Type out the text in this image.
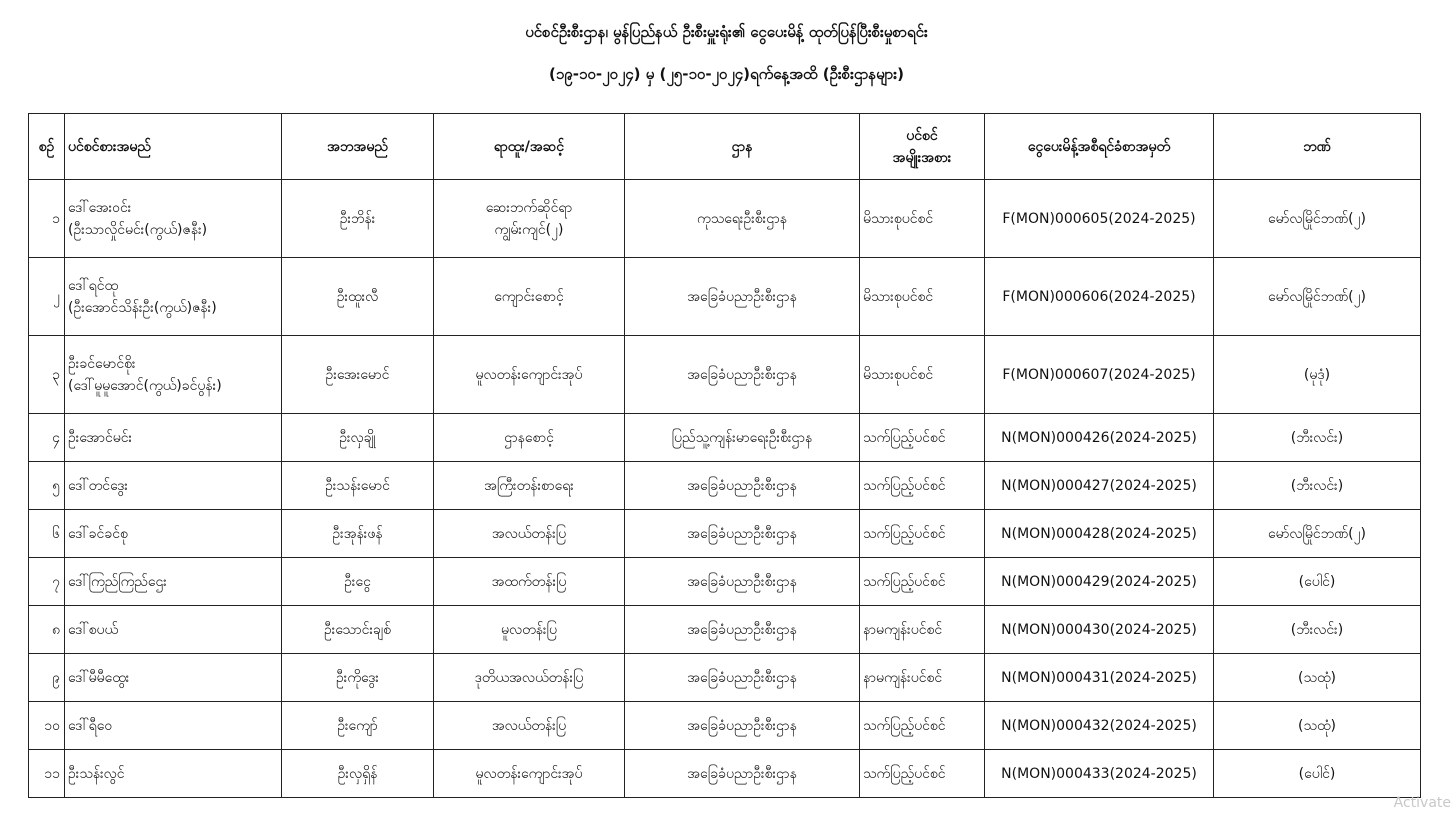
ပင်စင်ဦးစီးဌာန၊ မွန်ပြည်နယ် ဦးစီးမှူးရုံး၏ ငွေပေးမိန့် ထုတ်ပြန်ပြီးစီးမှုစာရင်း
(၁၉-၁၀-၂၀၂၄) မှ (၂၅-၁၀-၂၀၂၄)ရက်နေ့အထိ (ဦးစီးဌာနများ)
စဉ်	ပင်စင်စားအမည်	အဘအမည်	ရာထူး/အဆင့်	ဌာန	ပင်စင်
အမျိုးအစား	ငွေပေးမိန့်အစီရင်ခံစာအမှတ်	ဘဏ်
၁	ဒေါ်အေးဝင်း
(ဦးသာလှိုင်မင်း(ကွယ်)ဇနီး)	ဦးဘိန်း	ဆေးဘက်ဆိုင်ရာ
ကျွမ်းကျင်(၂)	ကုသရေးဦးစီးဌာန	မိသားစုပင်စင်	F(MON)000605(2024-2025)	မော်လမြိုင်ဘဏ်(၂)
၂	ဒေါ်ရင်ထု
(ဦးအောင်သိန်းဦး(ကွယ်)ဇနီး)	ဦးထူးလီ	ကျောင်းစောင့်	အခြေခံပညာဦးစီးဌာန	မိသားစုပင်စင်	F(MON)000606(2024-2025)	မော်လမြိုင်ဘဏ်(၂)
၃	ဦးခင်မောင်စိုး
(ဒေါ်မူမူအောင်(ကွယ်)ခင်ပွန်း)	ဦးအေးမောင်	မူလတန်းကျောင်းအုပ်	အခြေခံပညာဦးစီးဌာန	မိသားစုပင်စင်	F(MON)000607(2024-2025)	(မုဒုံ)
၄	ဦးအောင်မင်း	ဦးလှချို	ဌာနစောင့်	ပြည်သူ့ကျန်းမာရေးဦးစီးဌာန	သက်ပြည့်ပင်စင်	N(MON)000426(2024-2025)	(ဘီးလင်း)
၅	ဒေါ်တင်ဒွေး	ဦးသန်းမောင်	အကြီးတန်းစာရေး	အခြေခံပညာဦးစီးဌာန	သက်ပြည့်ပင်စင်	N(MON)000427(2024-2025)	(ဘီးလင်း)
၆	ဒေါ်ခင်ခင်စု	ဦးအုန်းဖန်	အလယ်တန်းပြ	အခြေခံပညာဦးစီးဌာန	သက်ပြည့်ပင်စင်	N(MON)000428(2024-2025)	မော်လမြိုင်ဘဏ်(၂)
၇	ဒေါ်ကြည်ကြည်ဌေး	ဦးငွေ	အထက်တန်းပြ	အခြေခံပညာဦးစီးဌာန	သက်ပြည့်ပင်စင်	N(MON)000429(2024-2025)	(ပေါင်)
၈	ဒေါ်စပယ်	ဦးသောင်းချစ်	မူလတန်းပြ	အခြေခံပညာဦးစီးဌာန	နာမကျန်းပင်စင်	N(MON)000430(2024-2025)	(ဘီးလင်း)
၉	ဒေါ်မီမီထွေး	ဦးကိုဒွေး	ဒုတိယအလယ်တန်းပြ	အခြေခံပညာဦးစီးဌာန	နာမကျန်းပင်စင်	N(MON)000431(2024-2025)	(သထုံ)
၁၀	ဒေါ်ရီဝေ	ဦးကျော်	အလယ်တန်းပြ	အခြေခံပညာဦးစီးဌာန	သက်ပြည့်ပင်စင်	N(MON)000432(2024-2025)	(သထုံ)
၁၁	ဦးသန်းလွင်	ဦးလှရှိန်	မူလတန်းကျောင်းအုပ်	အခြေခံပညာဦးစီးဌာန	သက်ပြည့်ပင်စင်	N(MON)000433(2024-2025)	(ပေါင်)
Activate
